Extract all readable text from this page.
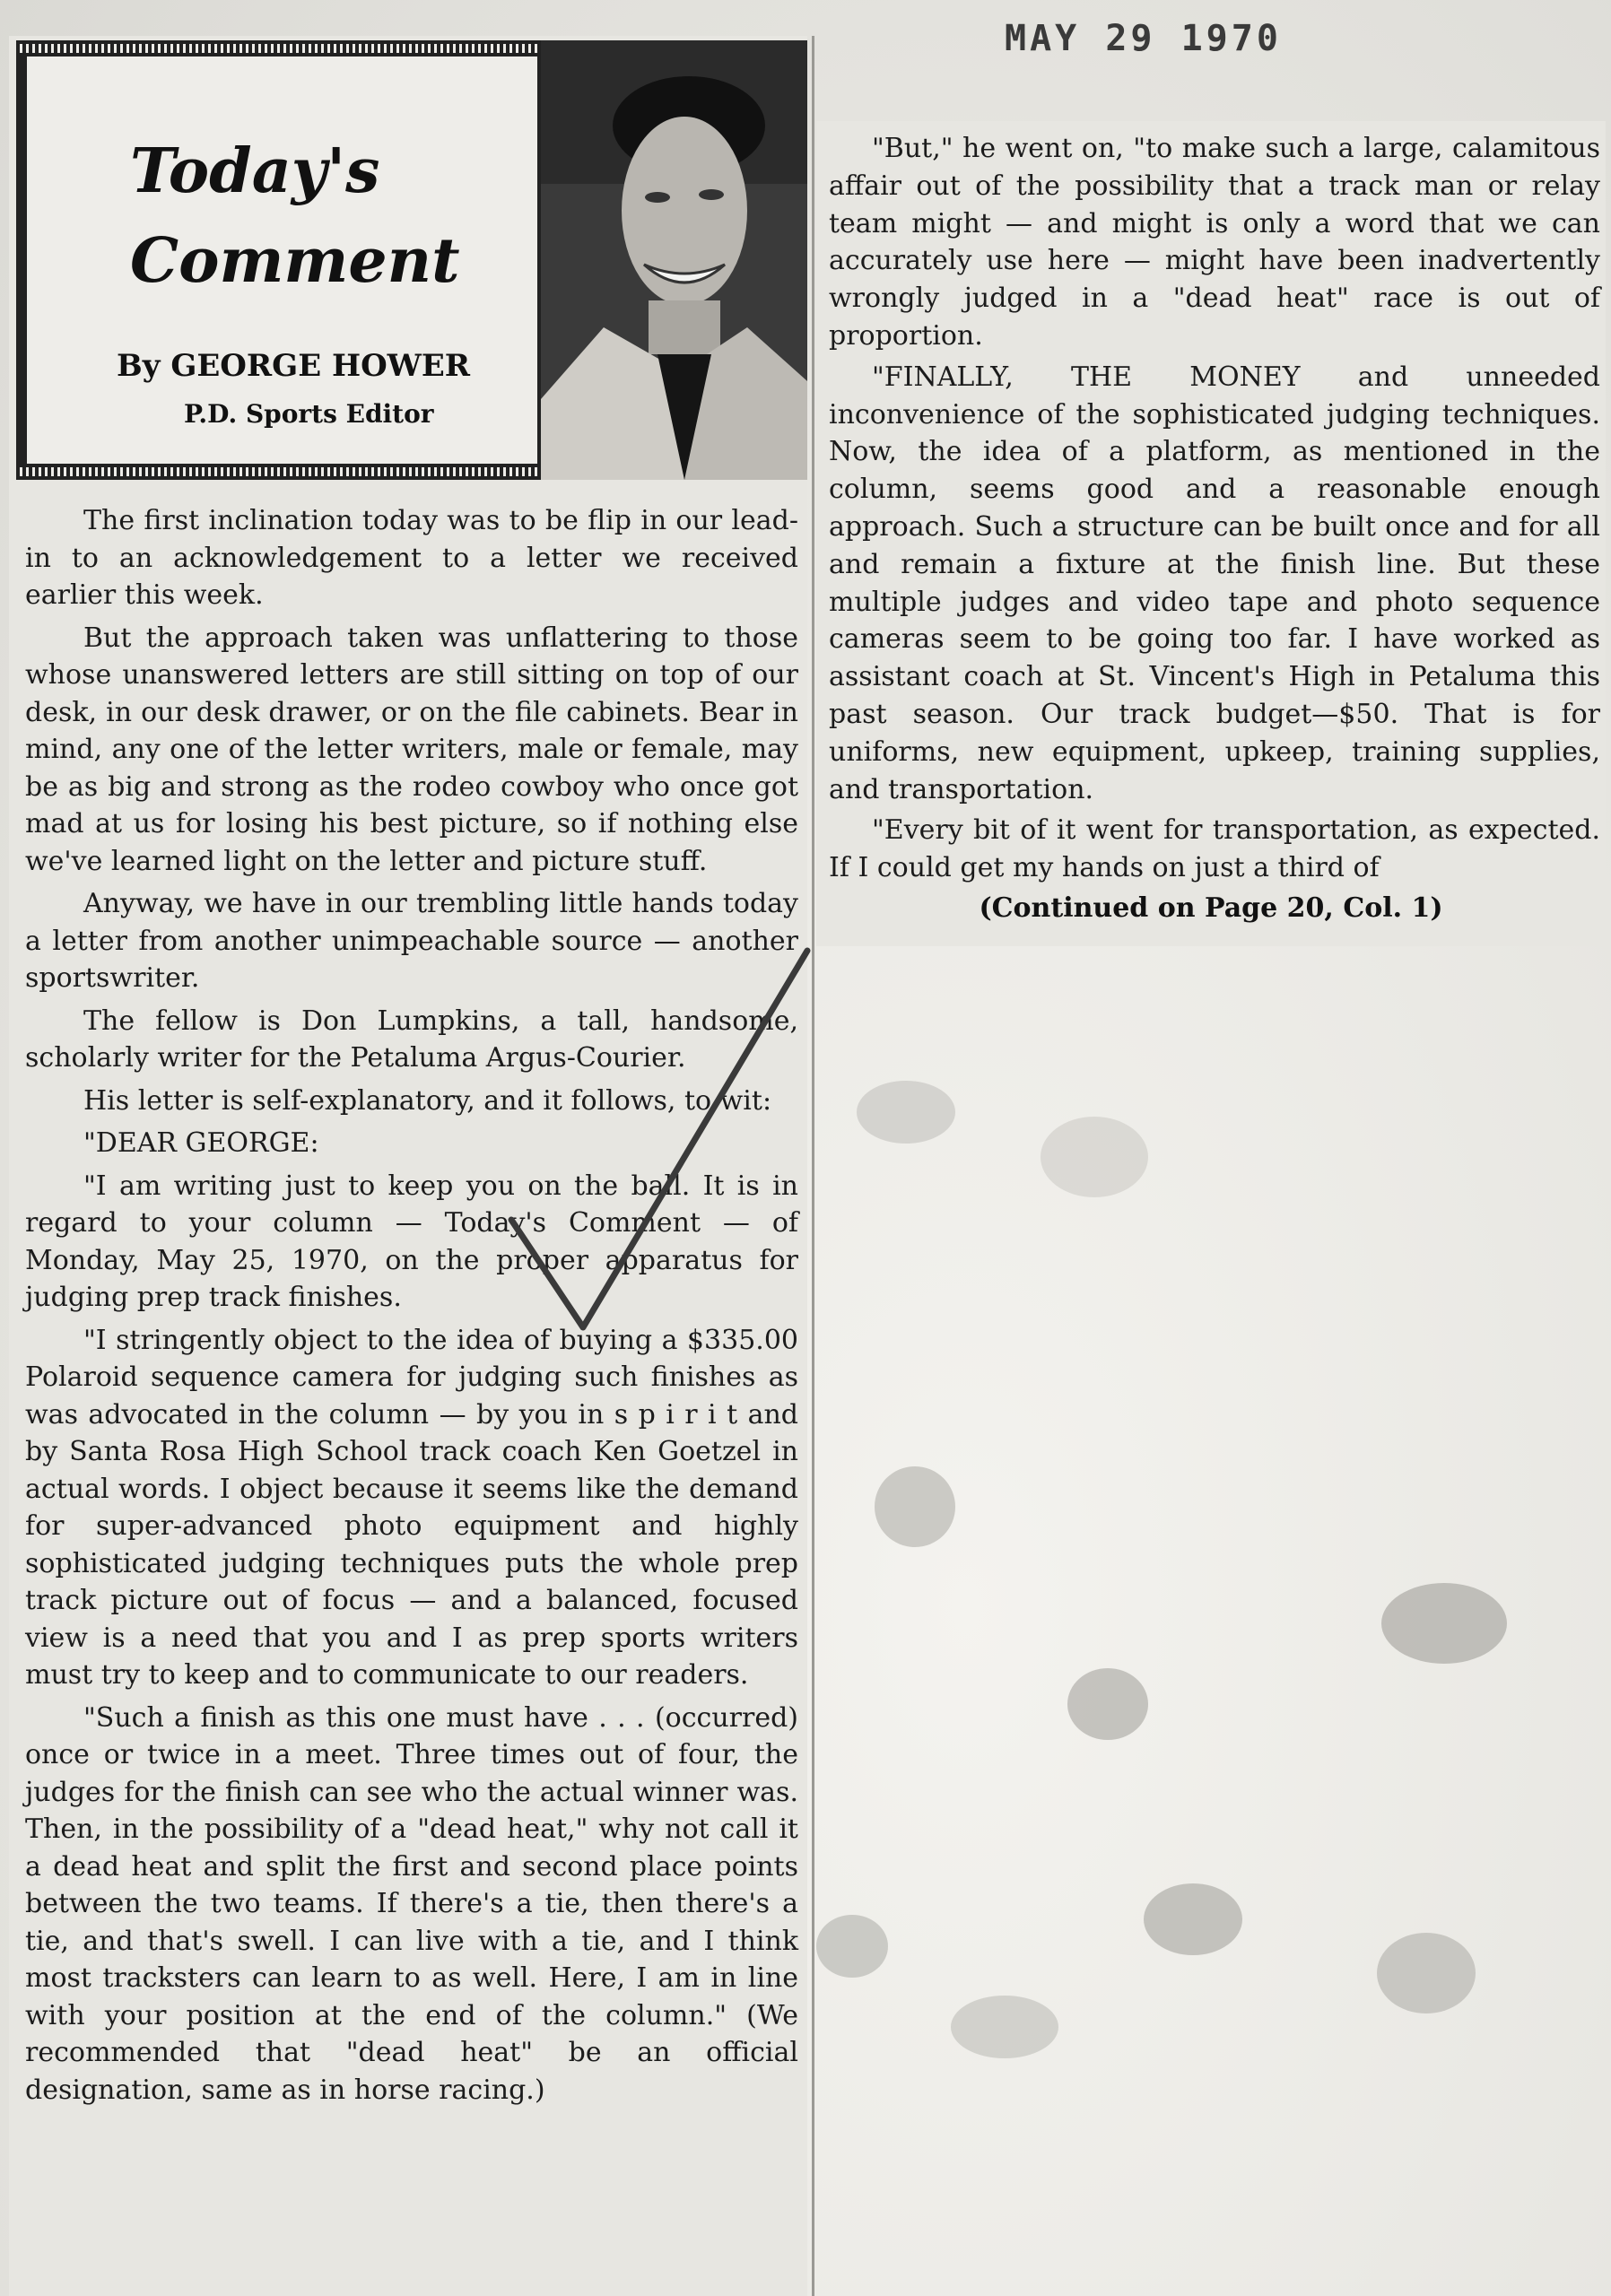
MAY 29 1970
Today's
Comment
By GEORGE HOWER
P.D. Sports Editor

The first inclination today was to be flip in our lead-in to an acknowledgement to a letter we received earlier this week.

But the approach taken was unflattering to those whose unanswered letters are still sitting on top of our desk, in our desk drawer, or on the file cabinets. Bear in mind, any one of the letter writers, male or female, may be as big and strong as the rodeo cowboy who once got mad at us for losing his best picture, so if nothing else we've learned light on the letter and picture stuff.

Anyway, we have in our trembling little hands today a letter from another unimpeachable source — another sportswriter.

The fellow is Don Lumpkins, a tall, handsome, scholarly writer for the Petaluma Argus-Courier.

His letter is self-explanatory, and it follows, to wit:

"DEAR GEORGE:

"I am writing just to keep you on the ball. It is in regard to your column — Today's Comment — of Monday, May 25, 1970, on the proper apparatus for judging prep track finishes.

"I stringently object to the idea of buying a $335.00 Polaroid sequence camera for judging such finishes as was advocated in the column — by you in s p i r i t and by Santa Rosa High School track coach Ken Goetzel in actual words. I object because it seems like the demand for super-advanced photo equipment and highly sophisticated judging techniques puts the whole prep track picture out of focus — and a balanced, focused view is a need that you and I as prep sports writers must try to keep and to communicate to our readers.

"Such a finish as this one must have . . . (occurred) once or twice in a meet. Three times out of four, the judges for the finish can see who the actual winner was. Then, in the possibility of a "dead heat," why not call it a dead heat and split the first and second place points between the two teams. If there's a tie, then there's a tie, and that's swell. I can live with a tie, and I think most tracksters can learn to as well. Here, I am in line with your position at the end of the column." (We recommended that "dead heat" be an official designation, same as in horse racing.)

"But," he went on, "to make such a large, calamitous affair out of the possibility that a track man or relay team might — and might is only a word that we can accurately use here — might have been inadvertently wrongly judged in a "dead heat" race is out of proportion.

"FINALLY, THE MONEY and unneeded inconvenience of the sophisticated judging techniques. Now, the idea of a platform, as mentioned in the column, seems good and a reasonable enough approach. Such a structure can be built once and for all and remain a fixture at the finish line. But these multiple judges and video tape and photo sequence cameras seem to be going too far. I have worked as assistant coach at St. Vincent's High in Petaluma this past season. Our track budget—$50. That is for uniforms, new equipment, upkeep, training supplies, and transportation.

"Every bit of it went for transportation, as expected. If I could get my hands on just a third of

(Continued on Page 20, Col. 1)
